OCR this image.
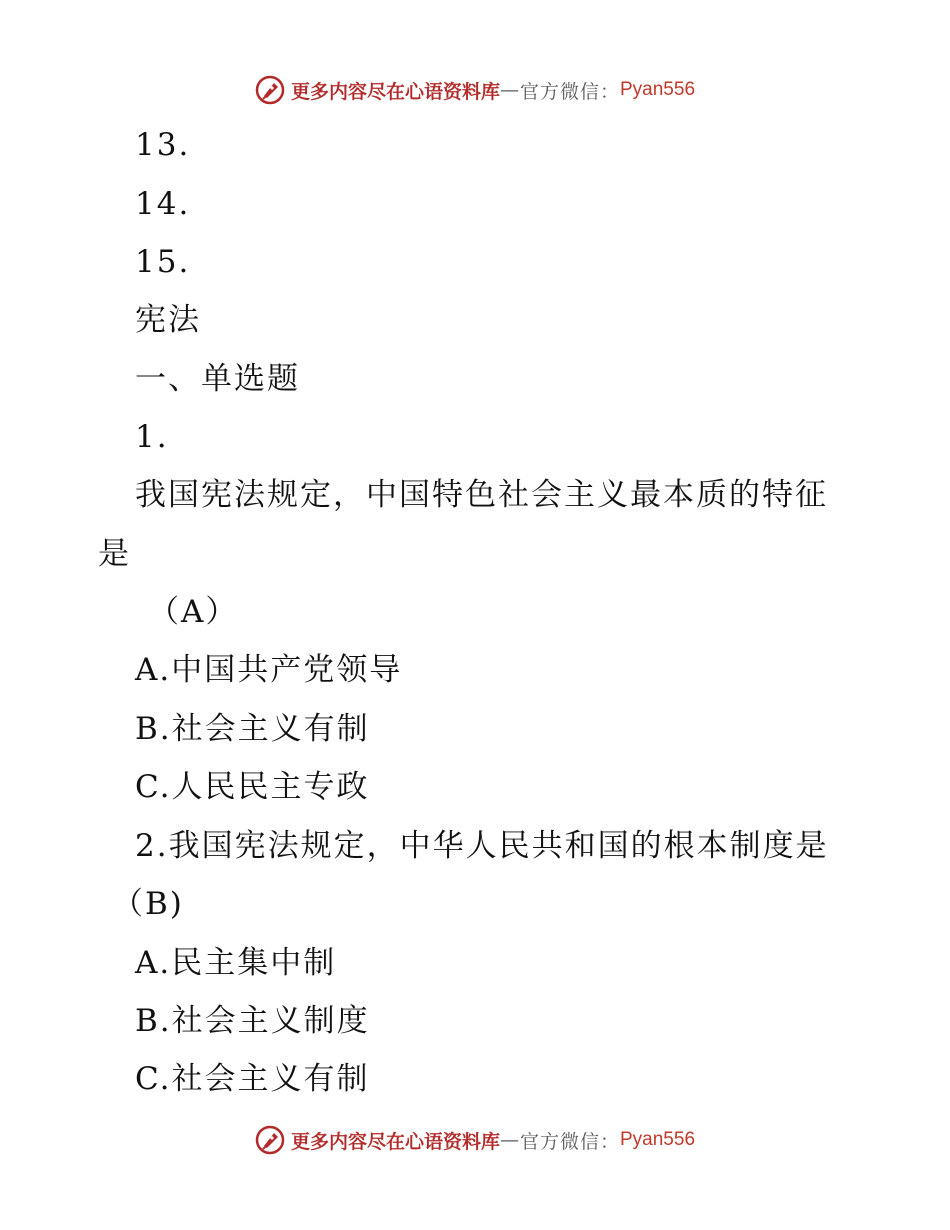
更多内容尽在心语资料库 — 官方微信： Pyan556
13.
14.
15.
宪法
一、单选题
1.
我国宪法规定，中国特色社会主义最本质的特征
是
（A）
A.中国共产党领导
B.社会主义有制
C.人民民主专政
2.我国宪法规定，中华人民共和国的根本制度是
（B)
A.民主集中制
B.社会主义制度
C.社会主义有制
更多内容尽在心语资料库 — 官方微信： Pyan556
